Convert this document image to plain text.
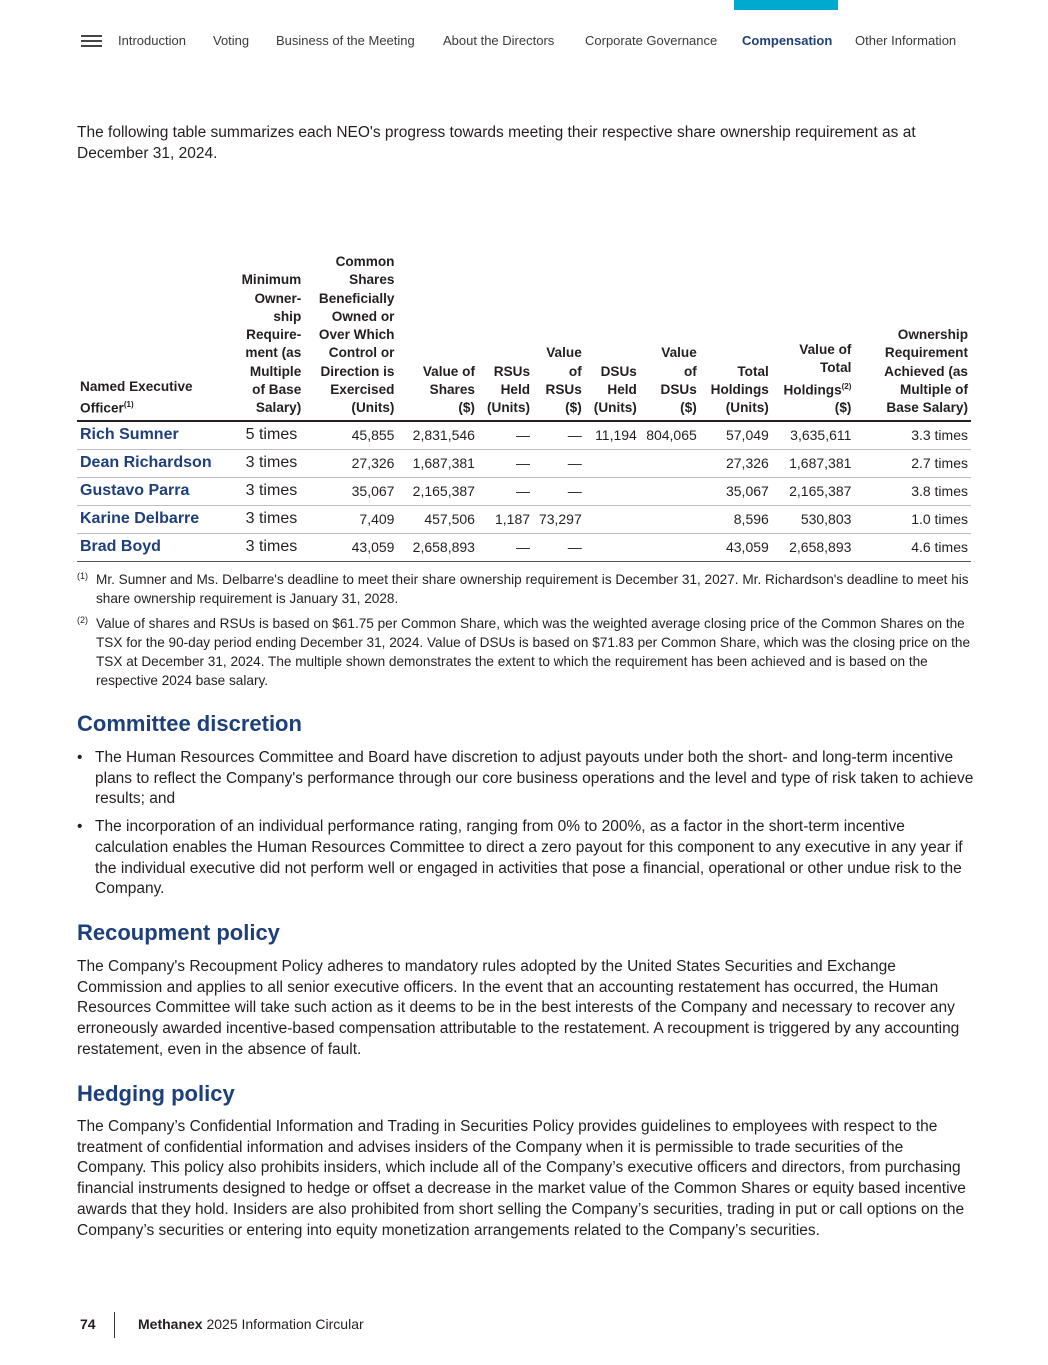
Introduction Voting Business of the Meeting About the Directors Corporate Governance Compensation Other Information

The following table summarizes each NEO's progress towards meeting their respective share ownership requirement as at December 31, 2024.

Named Executive
Officer$^{(1)}$	Minimum
Owner-
ship
Require-
ment (as
Multiple
of Base
Salary)	Common
Shares
Beneficially
Owned or
Over Which
Control or
Direction is
Exercised
(Units)	Value of
Shares
($)	RSUs
Held
(Units)	Value
of
RSUs
($)	DSUs
Held
(Units)	Value
of
DSUs
($)	Total
Holdings
(Units)	Value of
Total
Holdings$^{(2)}$
($)	Ownership
Requirement
Achieved (as
Multiple of
Base Salary)
Rich Sumner	5 times	45,855	2,831,546	—	—	11,194	804,065	57,049	3,635,611	3.3 times
Dean Richardson	3 times	27,326	1,687,381	—	—			27,326	1,687,381	2.7 times
Gustavo Parra	3 times	35,067	2,165,387	—	—			35,067	2,165,387	3.8 times
Karine Delbarre	3 times	7,409	457,506	1,187	73,297			8,596	530,803	1.0 times
Brad Boyd	3 times	43,059	2,658,893	—	—			43,059	2,658,893	4.6 times
(1) Mr. Sumner and Ms. Delbarre's deadline to meet their share ownership requirement is December 31, 2027. Mr. Richardson's deadline to meet his share ownership requirement is January 31, 2028.
(2) Value of shares and RSUs is based on $61.75 per Common Share, which was the weighted average closing price of the Common Shares on the TSX for the 90-day period ending December 31, 2024. Value of DSUs is based on $71.83 per Common Share, which was the closing price on the TSX at December 31, 2024. The multiple shown demonstrates the extent to which the requirement has been achieved and is based on the respective 2024 base salary.
Committee discretion
• The Human Resources Committee and Board have discretion to adjust payouts under both the short- and long-term incentive plans to reflect the Company's performance through our core business operations and the level and type of risk taken to achieve results; and
• The incorporation of an individual performance rating, ranging from 0% to 200%, as a factor in the short-term incentive calculation enables the Human Resources Committee to direct a zero payout for this component to any executive in any year if the individual executive did not perform well or engaged in activities that pose a financial, operational or other undue risk to the Company.
Recoupment policy

The Company's Recoupment Policy adheres to mandatory rules adopted by the United States Securities and Exchange Commission and applies to all senior executive officers. In the event that an accounting restatement has occurred, the Human Resources Committee will take such action as it deems to be in the best interests of the Company and necessary to recover any erroneously awarded incentive-based compensation attributable to the restatement. A recoupment is triggered by any accounting restatement, even in the absence of fault.

Hedging policy

The Company’s Confidential Information and Trading in Securities Policy provides guidelines to employees with respect to the treatment of confidential information and advises insiders of the Company when it is permissible to trade securities of the Company. This policy also prohibits insiders, which include all of the Company’s executive officers and directors, from purchasing financial instruments designed to hedge or offset a decrease in the market value of the Common Shares or equity based incentive awards that they hold. Insiders are also prohibited from short selling the Company’s securities, trading in put or call options on the Company’s securities or entering into equity monetization arrangements related to the Company’s securities.

74	Methanex 2025 Information Circular
